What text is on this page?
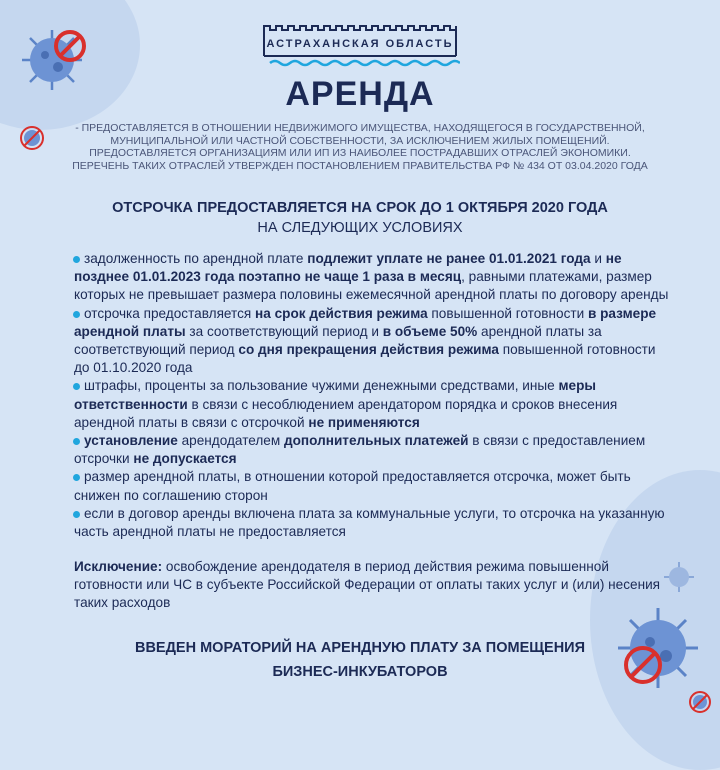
АСТРАХАНСКАЯ ОБЛАСТЬ
АРЕНДА
- ПРЕДОСТАВЛЯЕТСЯ В ОТНОШЕНИИ НЕДВИЖИМОГО ИМУЩЕСТВА, НАХОДЯЩЕГОСЯ В ГОСУДАРСТВЕННОЙ,
МУНИЦИПАЛЬНОЙ ИЛИ ЧАСТНОЙ СОБСТВЕННОСТИ, ЗА ИСКЛЮЧЕНИЕМ ЖИЛЫХ ПОМЕЩЕНИЙ.
ПРЕДОСТАВЛЯЕТСЯ ОРГАНИЗАЦИЯМ ИЛИ ИП ИЗ НАИБОЛЕЕ ПОСТРАДАВШИХ ОТРАСЛЕЙ ЭКОНОМИКИ.
ПЕРЕЧЕНЬ ТАКИХ ОТРАСЛЕЙ УТВЕРЖДЕН ПОСТАНОВЛЕНИЕМ ПРАВИТЕЛЬСТВА РФ № 434 ОТ 03.04.2020 ГОДА
ОТСРОЧКА ПРЕДОСТАВЛЯЕТСЯ НА СРОК ДО 1 ОКТЯБРЯ 2020 ГОДА
НА СЛЕДУЮЩИХ УСЛОВИЯХ

задолженность по арендной плате подлежит уплате не ранее 01.01.2021 года и не позднее 01.01.2023 года поэтапно не чаще 1 раза в месяц, равными платежами, размер которых не превышает размера половины ежемесячной арендной платы по договору аренды

отсрочка предоставляется на срок действия режима повышенной готовности в размере арендной платы за соответствующий период и в объеме 50% арендной платы за соответствующий период со дня прекращения действия режима повышенной готовности до 01.10.2020 года

штрафы, проценты за пользование чужими денежными средствами, иные меры ответственности в связи с несоблюдением арендатором порядка и сроков внесения арендной платы в связи с отсрочкой не применяются

установление арендодателем дополнительных платежей в связи с предоставлением отсрочки не допускается

размер арендной платы, в отношении которой предоставляется отсрочка, может быть снижен по соглашению сторон

если в договор аренды включена плата за коммунальные услуги, то отсрочка на указанную часть арендной платы не предоставляется

Исключение: освобождение арендодателя в период действия режима повышенной готовности или ЧС в субъекте Российской Федерации от оплаты таких услуг и (или) несения таких расходов
ВВЕДЕН МОРАТОРИЙ НА АРЕНДНУЮ ПЛАТУ ЗА ПОМЕЩЕНИЯ
БИЗНЕС-ИНКУБАТОРОВ
